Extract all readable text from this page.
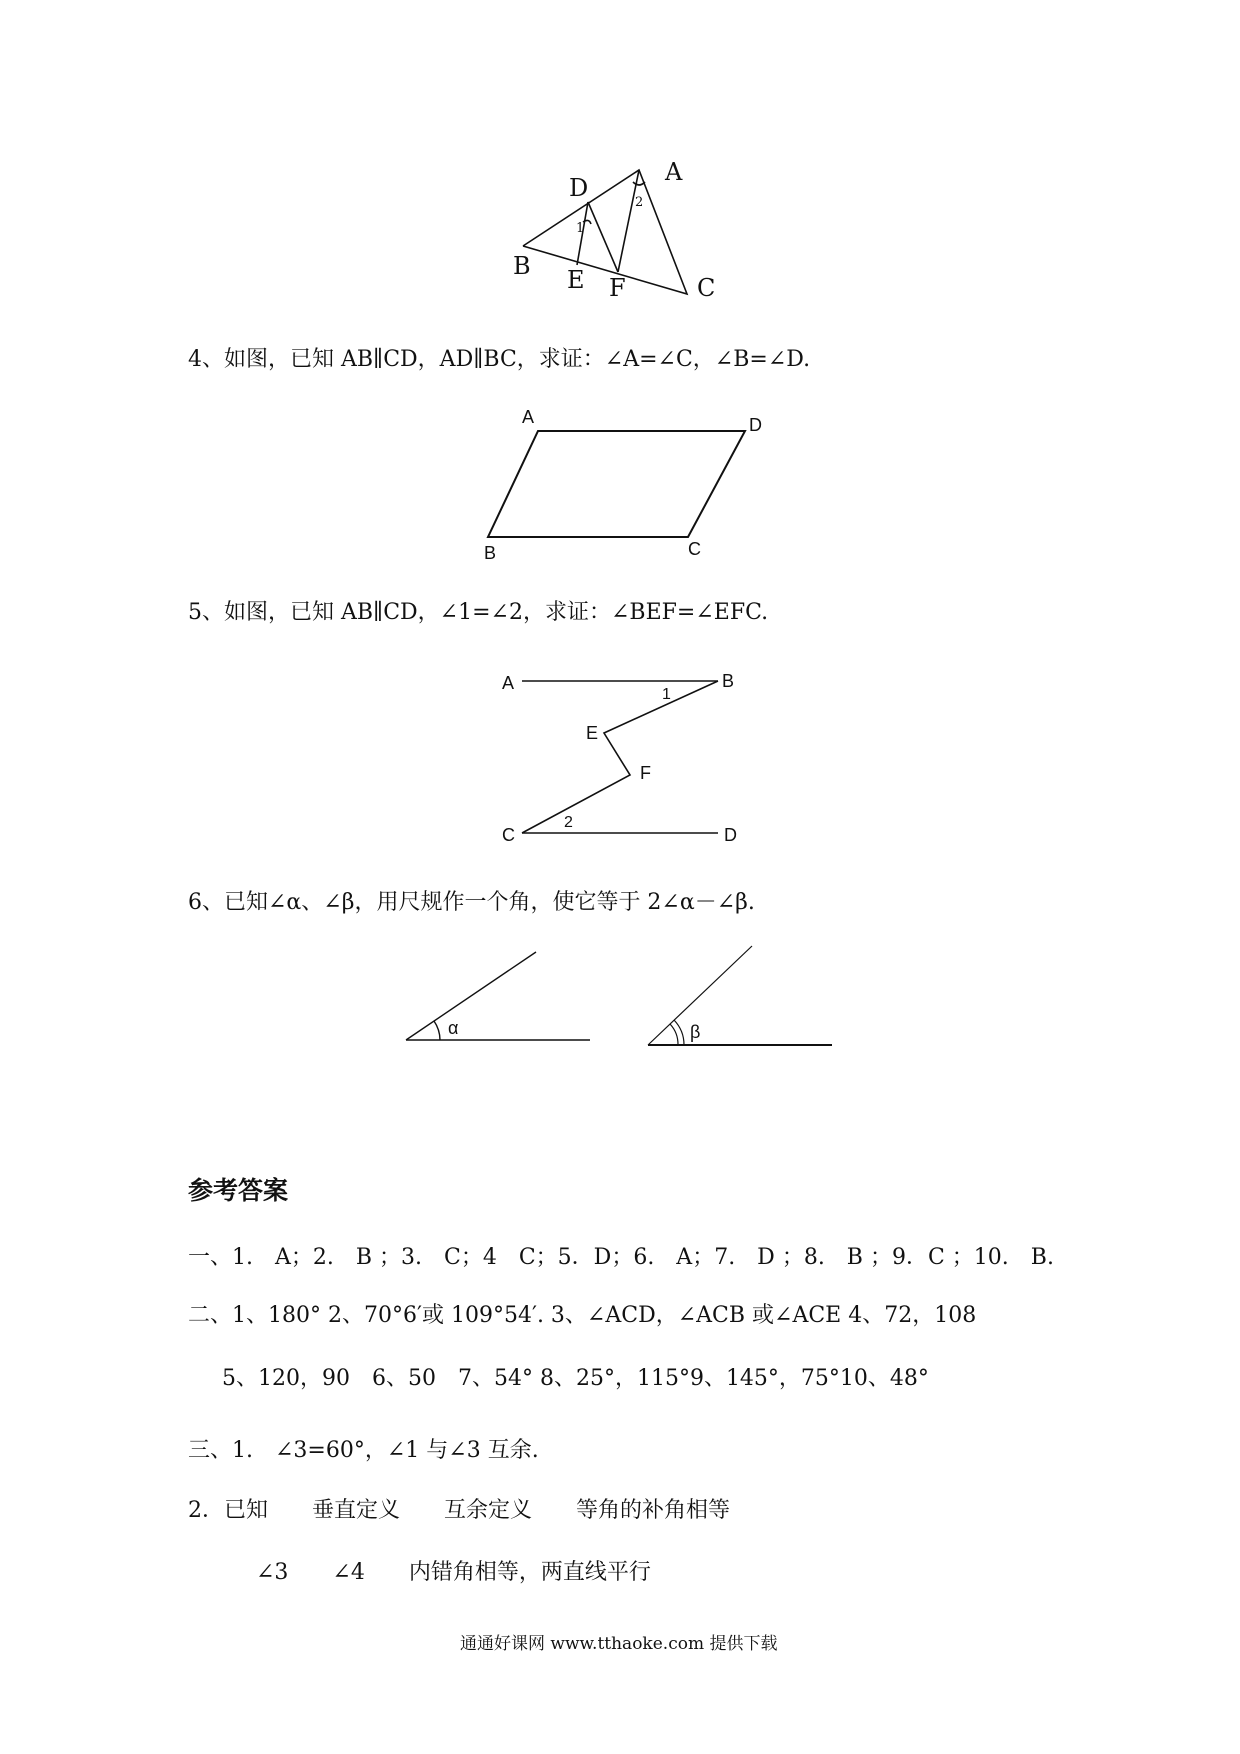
D
A
B E F	C
1
2
4、如图，已知 AB∥CD，AD∥BC，求证：∠A=∠C，∠B=∠D.
A	D
B	C
5、如图，已知 AB∥CD，∠1=∠2，求证：∠BEF=∠EFC.
A	B
E
F
C	D
1
2
6、已知∠α、∠β，用尺规作一个角，使它等于 2∠α－∠β.
α	β
参考答案
一、1.　A；2.　B ；3.　C；4　C；5．D；6.　A；7.　D ；8.　B ；9．C ；10.　B.
二、1、180° 2、70°6′或 109°54′. 3、∠ACD，∠ACB 或∠ACE 4、72，108
5、120，90　6、50　7、54° 8、25°，115°9、145°，75°10、48°
三、1.　∠3=60°，∠1 与∠3 互余.
2．已知　　垂直定义　　互余定义　　等角的补角相等
∠3　　∠4　　内错角相等，两直线平行
通通好课网 www.tthaoke.com 提供下载
